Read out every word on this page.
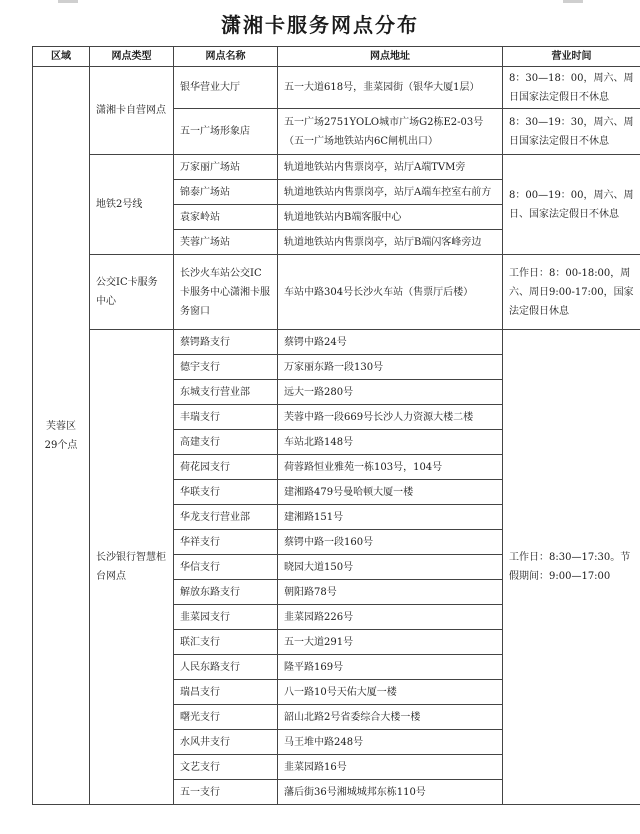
潇湘卡服务网点分布
区域	网点类型	网点名称	网点地址	营业时间
芙蓉区
29个点	潇湘卡自营网点	银华营业大厅	五一大道618号，韭菜园街（银华大厦1层）	8：30—18：00，周六、周日国家法定假日不休息
		五一广场形象店	五一广场2751YOLO城市广场G2栋E2-03号（五一广场地铁站内6C闸机出口）	8：30—19：30，周六、周日国家法定假日不休息
	地铁2号线	万家丽广场站	轨道地铁站内售票岗亭，站厅A端TVM旁	8：00—19：00，周六、周日、国家法定假日不休息
		锦泰广场站	轨道地铁站内售票岗亭，站厅A端车控室右前方	
		袁家岭站	轨道地铁站内B端客服中心	
		芙蓉广场站	轨道地铁站内售票岗亭，站厅B端闪客峰旁边	
	公交IC卡服务中心	长沙火车站公交IC卡服务中心潇湘卡服务窗口	车站中路304号长沙火车站（售票厅后楼）	工作日：8：00-18:00，周六、周日9:00-17:00，国家法定假日休息
	长沙银行智慧柜台网点	蔡锷路支行	蔡锷中路24号	工作日：8:30—17:30。节假期间：9:00—17:00
		德宇支行	万家丽东路一段130号	
		东城支行营业部	远大一路280号	
		丰瑞支行	芙蓉中路一段669号长沙人力资源大楼二楼	
		高建支行	车站北路148号	
		荷花园支行	荷蓉路恒业雅苑一栋103号，104号	
		华联支行	建湘路479号曼哈顿大厦一楼	
		华龙支行营业部	建湘路151号	
		华祥支行	蔡锷中路一段160号	
		华信支行	晓园大道150号	
		解放东路支行	朝阳路78号	
		韭菜园支行	韭菜园路226号	
		联汇支行	五一大道291号	
		人民东路支行	隆平路169号	
		瑞昌支行	八一路10号天佑大厦一楼	
		曙光支行	韶山北路2号省委综合大楼一楼	
		水风井支行	马王堆中路248号	
		文艺支行	韭菜园路16号	
		五一支行	藩后街36号湘城城邦东栋110号	
